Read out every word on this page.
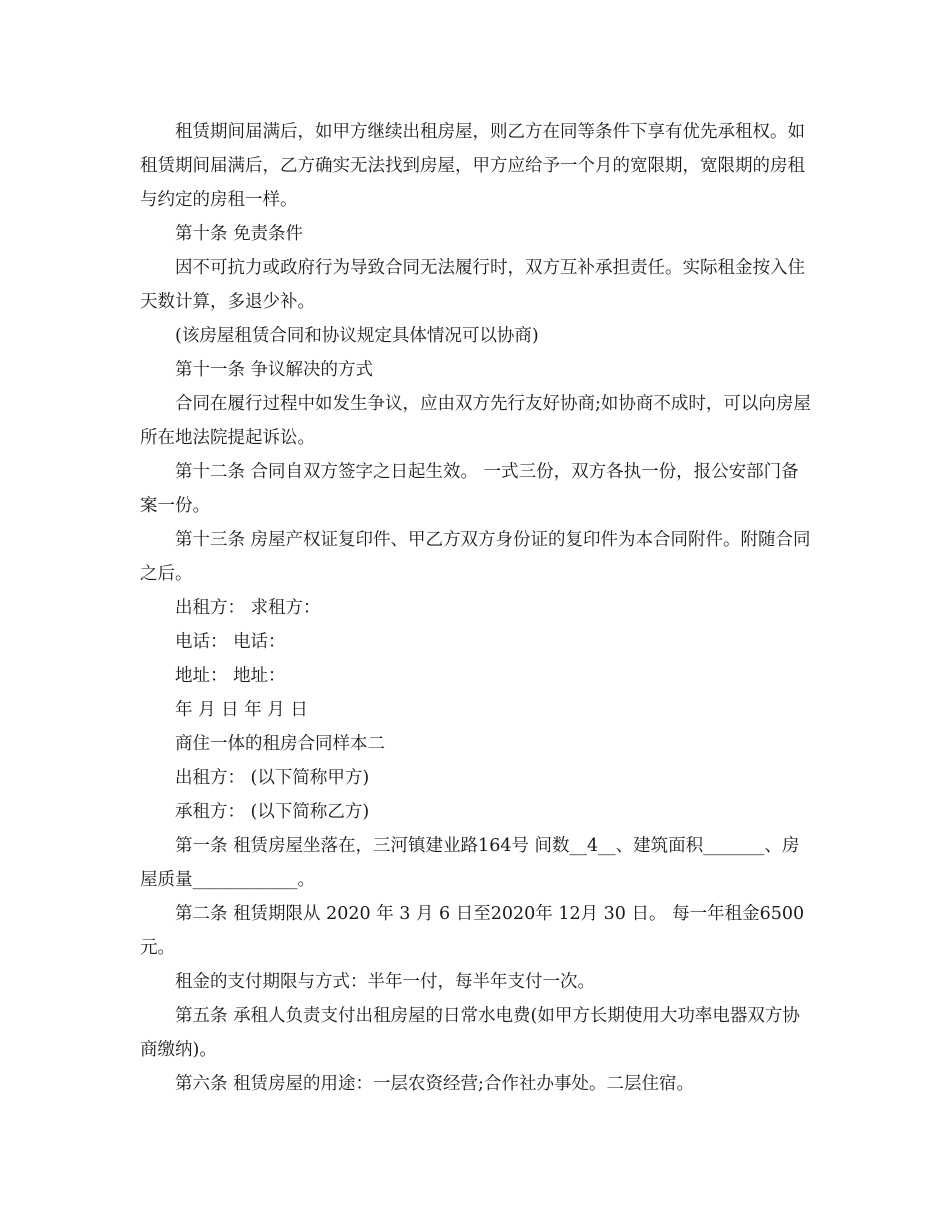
租赁期间届满后，如甲方继续出租房屋，则乙方在同等条件下享有优先承租权。如租赁期间届满后，乙方确实无法找到房屋，甲方应给予一个月的宽限期，宽限期的房租与约定的房租一样。

第十条 免责条件

因不可抗力或政府行为导致合同无法履行时，双方互补承担责任。实际租金按入住天数计算，多退少补。

(该房屋租赁合同和协议规定具体情况可以协商)

第十一条 争议解决的方式

合同在履行过程中如发生争议，应由双方先行友好协商;如协商不成时，可以向房屋所在地法院提起诉讼。

第十二条 合同自双方签字之日起生效。 一式三份，双方各执一份，报公安部门备案一份。

第十三条 房屋产权证复印件、甲乙方双方身份证的复印件为本合同附件。附随合同之后。

出租方： 求租方：

电话： 电话：

地址： 地址：

年 月 日 年 月 日

商住一体的租房合同样本二

出租方： (以下简称甲方)

承租方： (以下简称乙方)

第一条 租赁房屋坐落在，三河镇建业路164号 间数__4__、建筑面积_______、房屋质量____________。

第二条 租赁期限从 2020 年 3 月 6 日至2020年 12月 30 日。 每一年租金6500元。

租金的支付期限与方式：半年一付，每半年支付一次。

第五条 承租人负责支付出租房屋的日常水电费(如甲方长期使用大功率电器双方协商缴纳)。

第六条 租赁房屋的用途：一层农资经营;合作社办事处。二层住宿。
